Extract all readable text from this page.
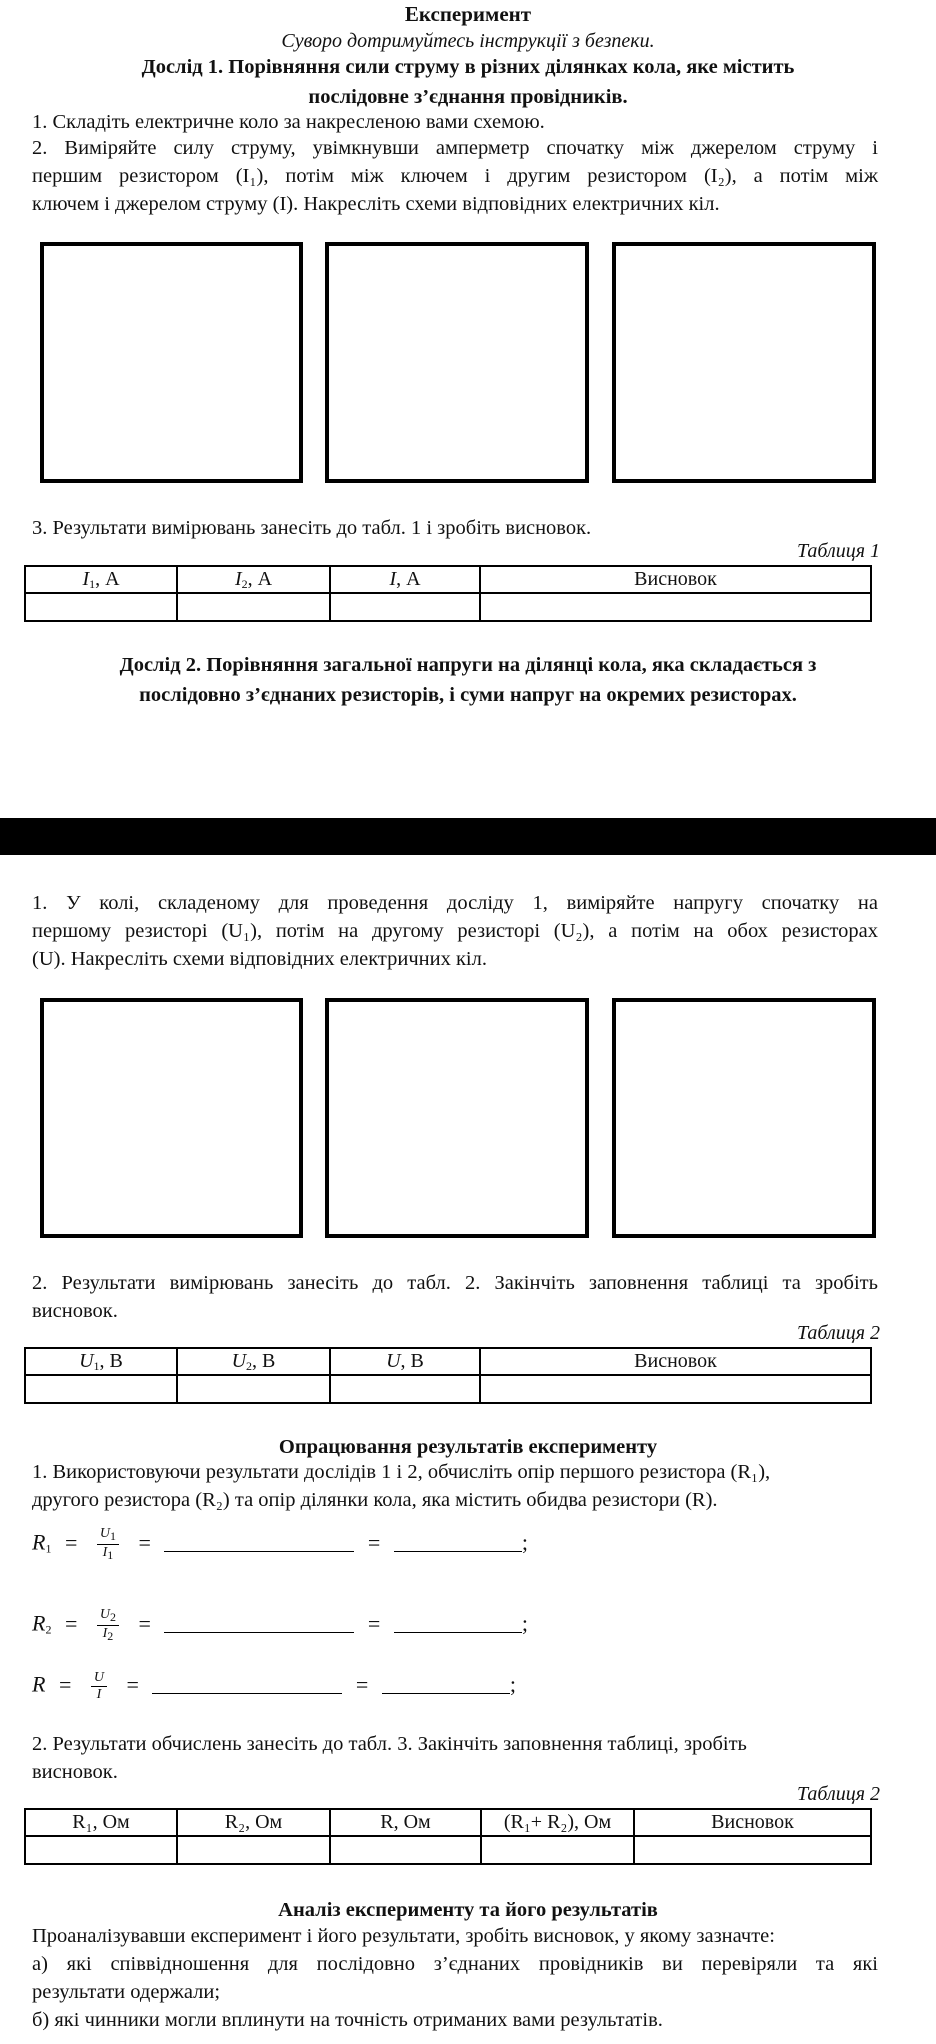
Експеримент
Суворо дотримуйтесь інструкції з безпеки.
Дослід 1. Порівняння сили струму в різних ділянках кола, яке містить
послідовне з’єднання провідників.
1. Складіть електричне коло за накресленою вами схемою.
2. Виміряйте силу струму, увімкнувши амперметр спочатку між джерелом струму і
першим резистором (I₁), потім між ключем і другим резистором (I₂), а потім між
ключем і джерелом струму (I). Накресліть схеми відповідних електричних кіл.
3. Результати вимірювань занесіть до табл. 1 і зробіть висновок.
Таблиця 1
$I_1$, А	$I_2$, А	I, А	Висновок

Дослід 2. Порівняння загальної напруги на ділянці кола, яка складається з
послідовно з’єднаних резисторів, і суми напруг на окремих резисторах.
1. У колі, складеному для проведення досліду 1, виміряйте напругу спочатку на
першому резисторі (U₁), потім на другому резисторі (U₂), а потім на обох резисторах
(U). Накресліть схеми відповідних електричних кіл.
2. Результати вимірювань занесіть до табл. 2. Закінчіть заповнення таблиці та зробіть
висновок.
Таблиця 2
$U_1$, В	$U_2$, В	U, В	Висновок

Опрацювання результатів експерименту
1. Використовуючи результати дослідів 1 і 2, обчисліть опір першого резистора (R₁),
другого резистора (R₂) та опір ділянки кола, яка містить обидва резистори (R).
$R_1 = \frac{U_1}{I_1}$ =	=	;
$R_2 = \frac{U_2}{I_2}$ =	=	;
$R = \frac{U}{I}$ =	=	;
2. Результати обчислень занесіть до табл. 3. Закінчіть заповнення таблиці, зробіть
висновок.
Таблиця 2
R₁, Ом	R₂, Ом	R, Ом	(R₁+ R₂), Ом	Висновок

Аналіз експерименту та його результатів
Проаналізувавши експеримент і його результати, зробіть висновок, у якому зазначте:
а) які співвідношення для послідовно з’єднаних провідників ви перевіряли та які
результати одержали;
б) які чинники могли вплинути на точність отриманих вами результатів.
